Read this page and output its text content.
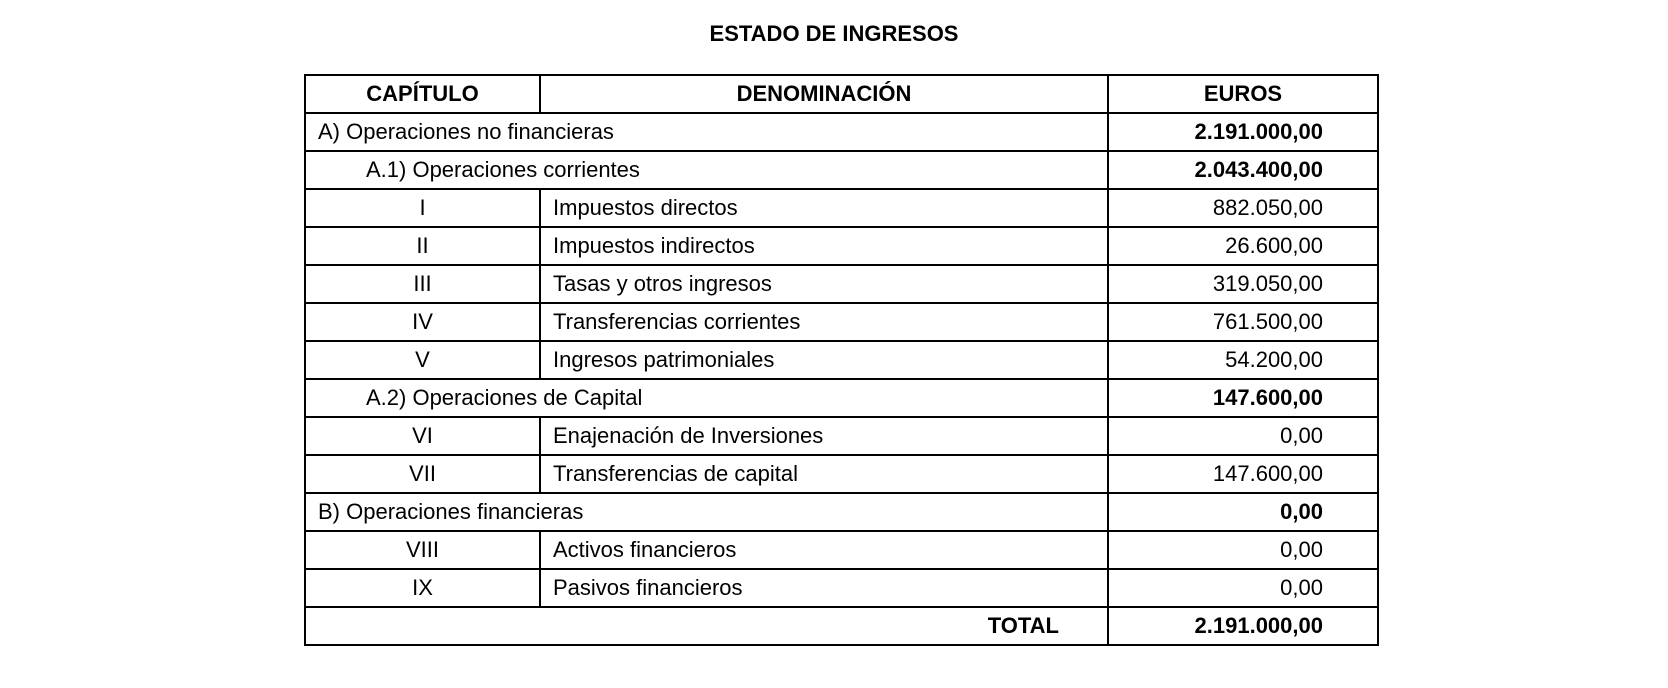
ESTADO DE INGRESOS
CAPÍTULO	DENOMINACIÓN	EUROS
A) Operaciones no financieras		2.191.000,00
A.1) Operaciones corrientes		2.043.400,00
I	Impuestos directos	882.050,00
II	Impuestos indirectos	26.600,00
III	Tasas y otros ingresos	319.050,00
IV	Transferencias corrientes	761.500,00
V	Ingresos patrimoniales	54.200,00
A.2) Operaciones de Capital		147.600,00
VI	Enajenación de Inversiones	0,00
VII	Transferencias de capital	147.600,00
B) Operaciones financieras		0,00
VIII	Activos financieros	0,00
IX	Pasivos financieros	0,00
TOTAL		2.191.000,00
